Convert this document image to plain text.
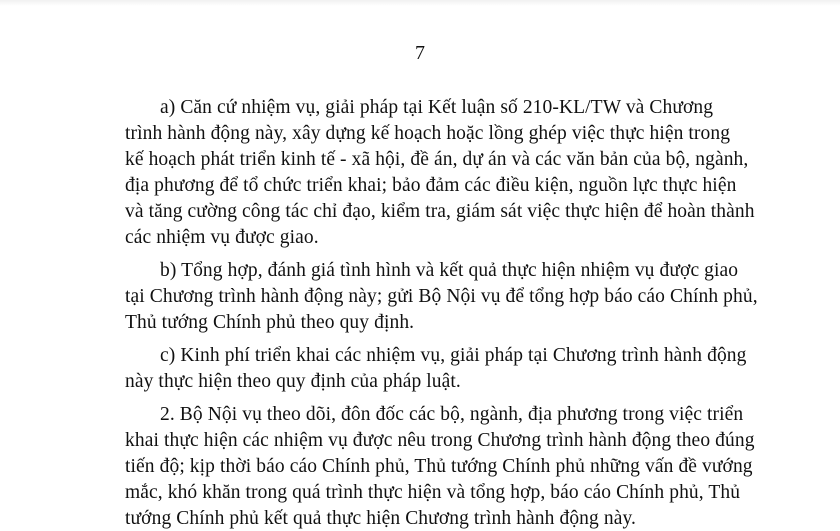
7
a) Căn cứ nhiệm vụ, giải pháp tại Kết luận số 210-KL/TW và Chương
trình hành động này, xây dựng kế hoạch hoặc lồng ghép việc thực hiện trong
kế hoạch phát triển kinh tế - xã hội, đề án, dự án và các văn bản của bộ, ngành,
địa phương để tổ chức triển khai; bảo đảm các điều kiện, nguồn lực thực hiện
và tăng cường công tác chỉ đạo, kiểm tra, giám sát việc thực hiện để hoàn thành
các nhiệm vụ được giao.
b) Tổng hợp, đánh giá tình hình và kết quả thực hiện nhiệm vụ được giao
tại Chương trình hành động này; gửi Bộ Nội vụ để tổng hợp báo cáo Chính phủ,
Thủ tướng Chính phủ theo quy định.
c) Kinh phí triển khai các nhiệm vụ, giải pháp tại Chương trình hành động
này thực hiện theo quy định của pháp luật.
2. Bộ Nội vụ theo dõi, đôn đốc các bộ, ngành, địa phương trong việc triển
khai thực hiện các nhiệm vụ được nêu trong Chương trình hành động theo đúng
tiến độ; kịp thời báo cáo Chính phủ, Thủ tướng Chính phủ những vấn đề vướng
mắc, khó khăn trong quá trình thực hiện và tổng hợp, báo cáo Chính phủ, Thủ
tướng Chính phủ kết quả thực hiện Chương trình hành động này.
